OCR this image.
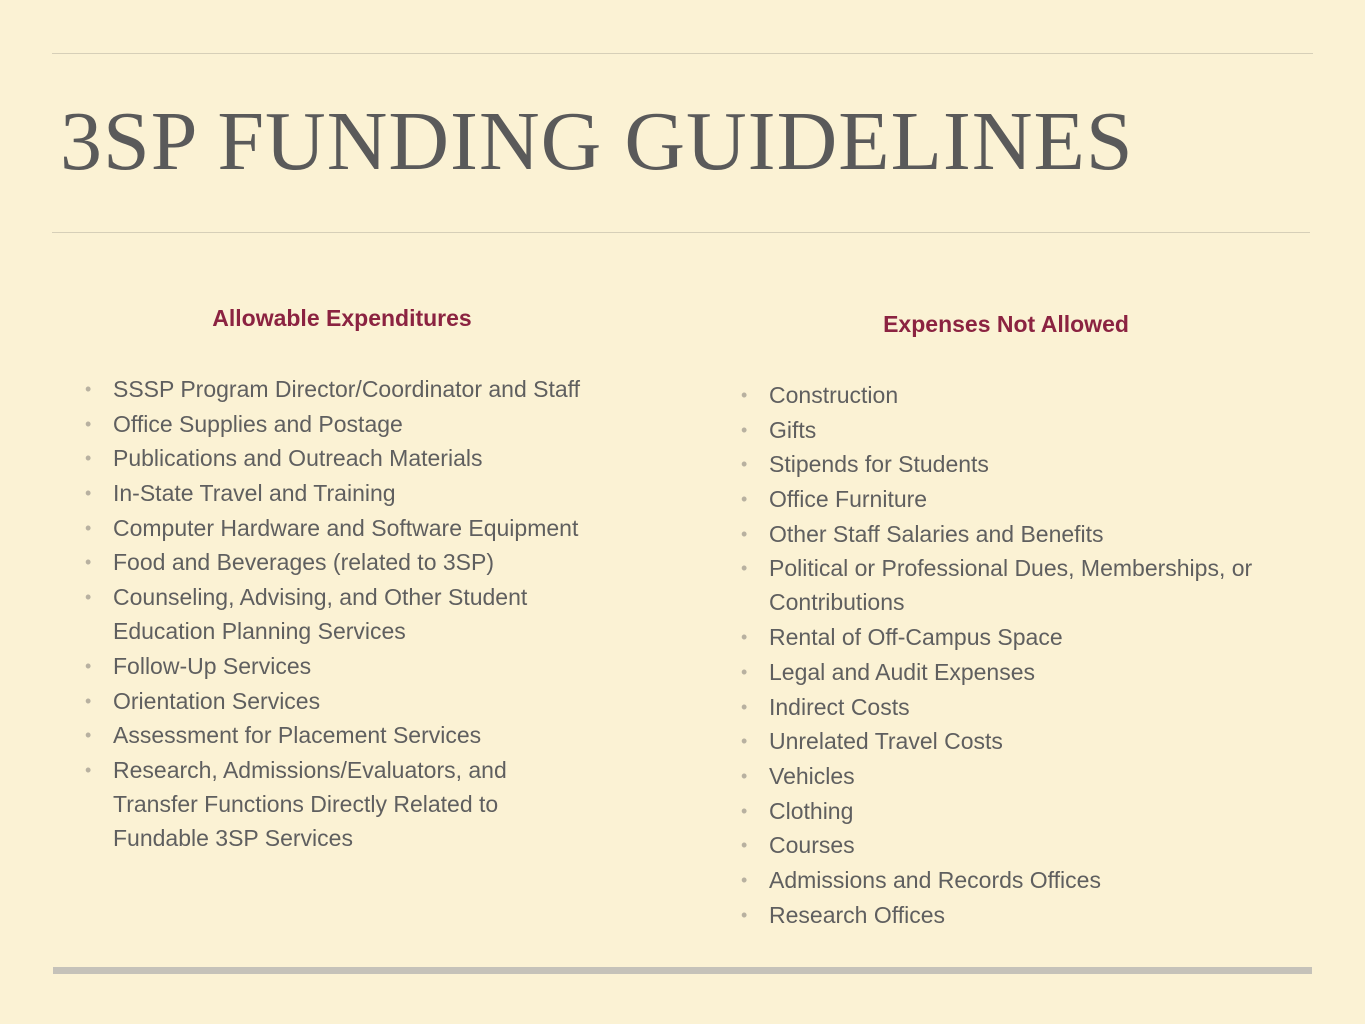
3SP FUNDING GUIDELINES
Allowable Expenditures
• SSSP Program Director/Coordinator and Staff
• Office Supplies and Postage
• Publications and Outreach Materials
• In-State Travel and Training
• Computer Hardware and Software Equipment
• Food and Beverages (related to 3SP)
• Counseling, Advising, and Other Student Education Planning Services
• Follow-Up Services
• Orientation Services
• Assessment for Placement Services
• Research, Admissions/Evaluators, and Transfer Functions Directly Related to Fundable 3SP Services
Expenses Not Allowed
• Construction
• Gifts
• Stipends for Students
• Office Furniture
• Other Staff Salaries and Benefits
• Political or Professional Dues, Memberships, or Contributions
• Rental of Off-Campus Space
• Legal and Audit Expenses
• Indirect Costs
• Unrelated Travel Costs
• Vehicles
• Clothing
• Courses
• Admissions and Records Offices
• Research Offices
